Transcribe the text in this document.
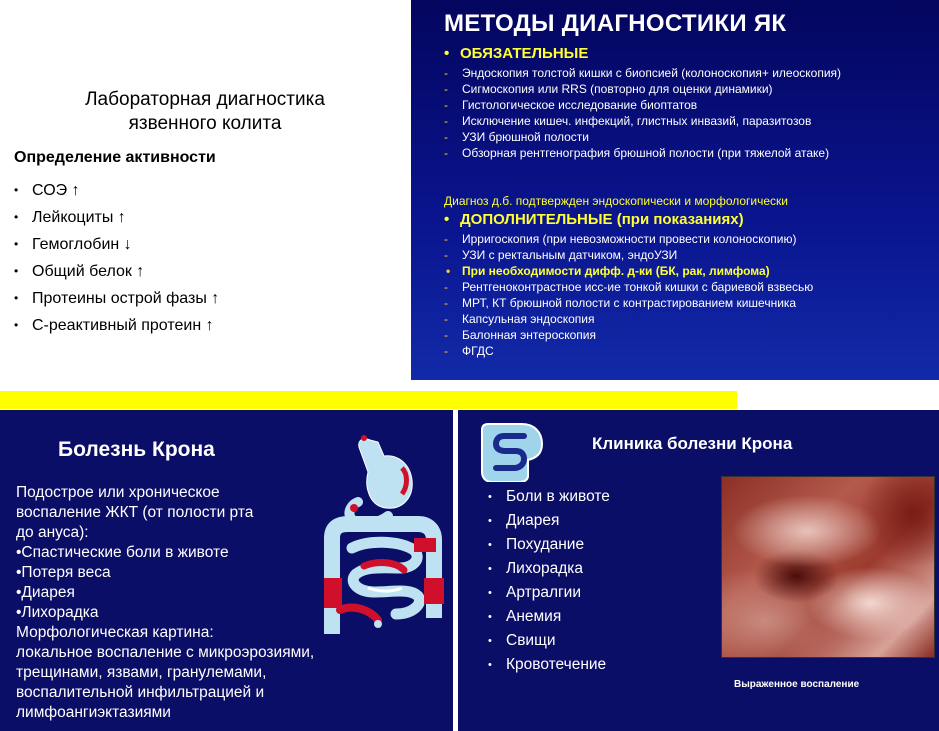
Лабораторная диагностика
язвенного колита
Определение активности
• СОЭ ↑
• Лейкоциты ↑
• Гемоглобин ↓
• Общий белок ↑
• Протеины острой фазы ↑
• С-реактивный протеин ↑
МЕТОДЫ ДИАГНОСТИКИ ЯК
• ОБЯЗАТЕЛЬНЫЕ
- Эндоскопия толстой кишки с биопсией (колоноскопия+ илеоскопия)
- Сигмоскопия или RRS (повторно для оценки динамики)
- Гистологическое исследование биоптатов
- Исключение кишеч. инфекций, глистных инвазий, паразитозов
- УЗИ брюшной полости
- Обзорная рентгенография брюшной полости (при тяжелой атаке)
Диагноз д.б. подтвержден эндоскопически и морфологически
• ДОПОЛНИТЕЛЬНЫЕ (при показаниях)
- Ирригоскопия (при невозможности провести колоноскопию)
- УЗИ с ректальным датчиком, эндоУЗИ
• При необходимости дифф. д-ки (БК, рак, лимфома)
- Рентгеноконтрастное исс-ие тонкой кишки с бариевой взвесью
- МРТ, КТ брюшной полости с контрастированием кишечника
- Капсульная эндоскопия
- Балонная энтероскопия
- ФГДС
Болезнь Крона
Подострое или хроническое
воспаление ЖКТ (от полости рта
до ануса):
•Спастические боли в животе
•Потеря веса
•Диарея
•Лихорадка
Морфологическая картина:
локальное воспаление с микроэрозиями,
трещинами, язвами, гранулемами,
воспалительной инфильтрацией и
лимфоангиэктазиями
Клиника болезни Крона
• Боли в животе
• Диарея
• Похудание
• Лихорадка
• Артралгии
• Анемия
• Свищи
• Кровотечение
Выраженное воспаление
